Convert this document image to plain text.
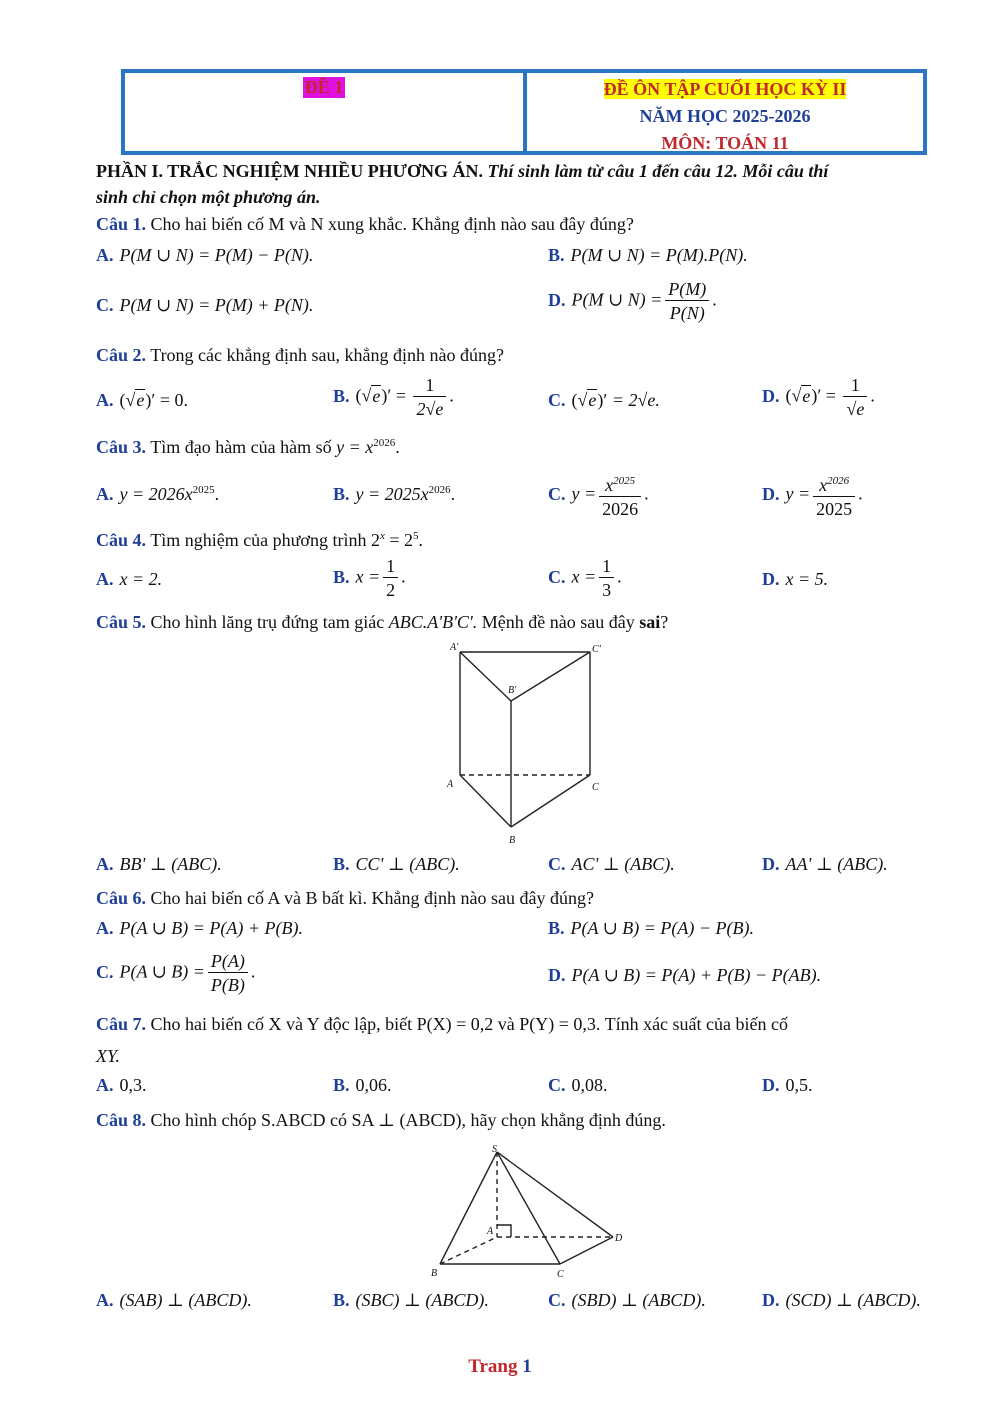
ĐỀ 1	ĐỀ ÔN TẬP CUỐI HỌC KỲ II
NĂM HỌC 2025-2026
MÔN: TOÁN 11
PHẦN I. TRẮC NGHIỆM NHIỀU PHƯƠNG ÁN. Thí sinh làm từ câu 1 đến câu 12. Mỗi câu thí
sinh chỉ chọn một phương án.
Câu 1. Cho hai biến cố M và N xung khắc. Khẳng định nào sau đây đúng?
A. P(M ∪ N) = P(M) − P(N).	B. P(M ∪ N) = P(M).P(N).
C. P(M ∪ N) = P(M) + P(N).	D. P(M ∪ $N) = \frac{P(M)}{P(N)}$ .
Câu 2. Trong các khẳng định sau, khẳng định nào đúng?
A. (√e)′ = 0.	B. $(√e)' = \frac{1}{2√e}$ .	C. (√e)′ = 2√e.	D. $(√e)' = \frac{1}{√e}$ .
Câu 3. Tìm đạo hàm của hàm số $y = x^{2026}$.
A. $y = 2026x^{2025}$.	B. $y = 2025x^{2026}$.	C. $y = \frac{x^{2025}}{2026}$ .	D. $y = \frac{x^{2026}}{2025}$ .
Câu 4. Tìm nghiệm của phương trình $2^x = 2^5$.
A. x = 2.	B. $x = \frac{1}{2}$ .	C. $x = \frac{1}{3}$ .	D. x = 5.
Câu 5. Cho hình lăng trụ đứng tam giác ABC.A'B'C'. Mệnh đề nào sau đây sai?
A'	C'
B'
A	C
B
A. BB' ⊥ (ABC).	B. CC' ⊥ (ABC).	C. AC' ⊥ (ABC).	D. AA' ⊥ (ABC).
Câu 6. Cho hai biến cố A và B bất kì. Khẳng định nào sau đây đúng?
A. P(A ∪ B) = P(A) + P(B).	B. P(A ∪ B) = P(A) − P(B).
C. P(A ∪ $B) = \frac{P(A)}{P(B)}$ .	D. P(A ∪ B) = P(A) + P(B) − P(AB).
Câu 7. Cho hai biến cố X và Y độc lập, biết P(X) = 0,2 và P(Y) = 0,3. Tính xác suất của biến cố
XY.
A. 0,3.	B. 0,06.	C. 0,08.	D. 0,5.
Câu 8. Cho hình chóp S.ABCD có SA ⊥ (ABCD), hãy chọn khẳng định đúng.
S
A
B	C
D
A. (SAB) ⊥ (ABCD).	B. (SBC) ⊥ (ABCD).	C. (SBD) ⊥ (ABCD).	D. (SCD) ⊥ (ABCD).
Trang 1
